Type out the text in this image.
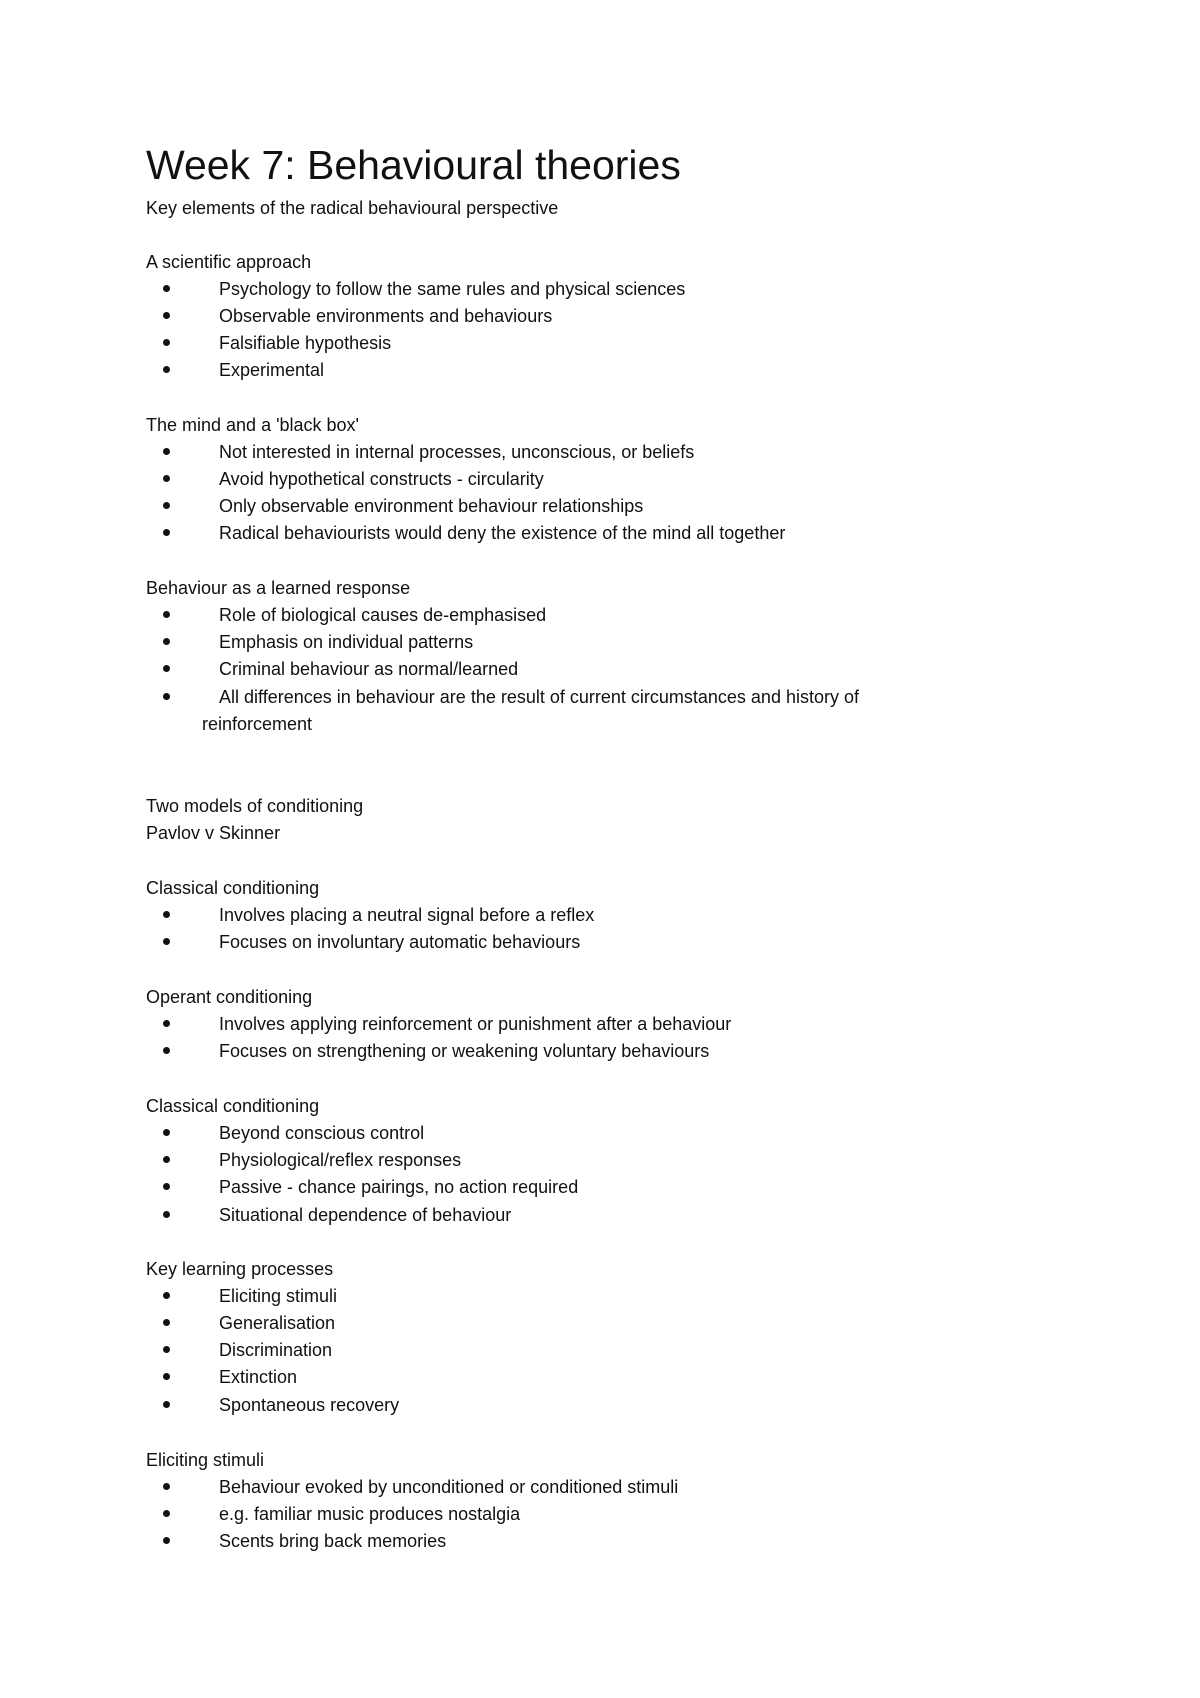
Week 7: Behavioural theories
Key elements of the radical behavioural perspective
A scientific approach
Psychology to follow the same rules and physical sciences
Observable environments and behaviours
Falsifiable hypothesis
Experimental
The mind and a 'black box'
Not interested in internal processes, unconscious, or beliefs
Avoid hypothetical constructs - circularity
Only observable environment behaviour relationships
Radical behaviourists would deny the existence of the mind all together
Behaviour as a learned response
Role of biological causes de-emphasised
Emphasis on individual patterns
Criminal behaviour as normal/learned
All differences in behaviour are the result of current circumstances and history of
reinforcement
Two models of conditioning
Pavlov v Skinner
Classical conditioning
Involves placing a neutral signal before a reflex
Focuses on involuntary automatic behaviours
Operant conditioning
Involves applying reinforcement or punishment after a behaviour
Focuses on strengthening or weakening voluntary behaviours
Classical conditioning
Beyond conscious control
Physiological/reflex responses
Passive - chance pairings, no action required
Situational dependence of behaviour
Key learning processes
Eliciting stimuli
Generalisation
Discrimination
Extinction
Spontaneous recovery
Eliciting stimuli
Behaviour evoked by unconditioned or conditioned stimuli
e.g. familiar music produces nostalgia
Scents bring back memories
